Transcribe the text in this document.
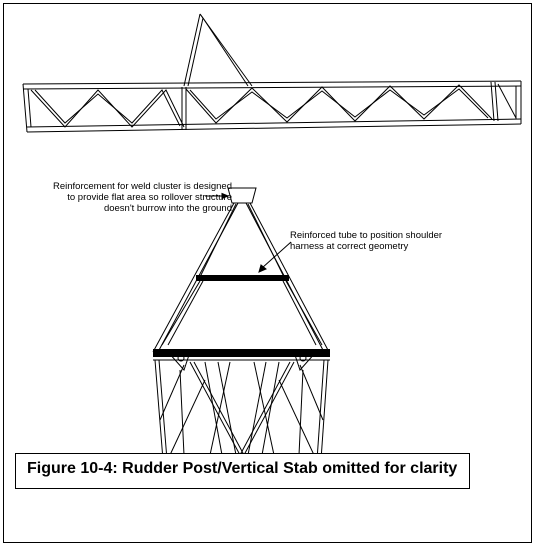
Reinforcement for weld cluster is designed
to provide flat area so rollover structure
doesn't burrow into the ground
Reinforced tube to position shoulder
harness at correct geometry
Figure 10-4: Rudder Post/Vertical Stab omitted for clarity
